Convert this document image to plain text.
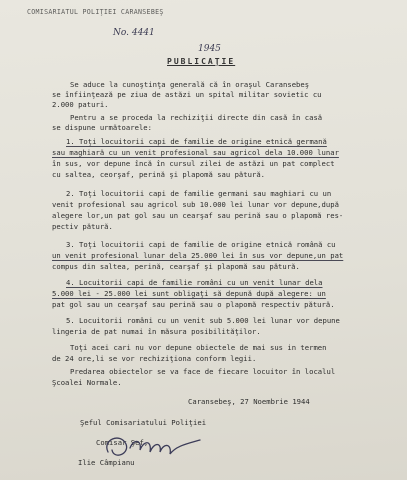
COMISARIATUL POLIŢIEI CARANSEBEŞ
No. 4441
1945
PUBLICAŢIE
Se aduce la cunoştinţa generală că în oraşul Caransebeş
se înfiinţează pe ziua de astăzi un spital militar sovietic cu
2.000 paturi.
Pentru a se proceda la rechiziţii directe din casă în casă
se dispune următoarele:
1. Toţi locuitorii capi de familie de origine etnică germană
sau maghiară cu un venit profesional sau agricol dela 10.000 lunar
în sus, vor depune încă în cursul zilei de astăzi un pat complect
cu saltea, ceorşaf, perină şi plapomă sau pătură.
2. Toţi locuitorii capi de familie germani sau maghiari cu un
venit profesional sau agricol sub 10.000 lei lunar vor depune,după
alegere lor,un pat gol sau un cearşaf sau perină sau o plapomă res-
pectiv pătură.
3. Toţi locuitorii capi de familie de origine etnică română cu
un venit profesional lunar dela 25.000 lei în sus vor depune,un pat
compus din saltea, perină, cearşaf şi plapomă sau pătură.
4. Locuitorii capi de familie români cu un venit lunar dela
5.000 lei - 25.000 lei sunt obligaţi să depună după alegere: un
pat gol sau un cearşaf sau perină sau o plapomă respectiv pătură.
5. Locuitorii români cu un venit sub 5.000 lei lunar vor depune
lingeria de pat numai în măsura posibilităţilor.
Toţi acei cari nu vor depune obiectele de mai sus in termen
de 24 ore,li se vor rechiziţiona conform legii.
Predarea obiectelor se va face de fiecare locuitor în localul
Şcoalei Normale.
Caransebeş, 27 Noembrie 1944
Şeful Comisariatului Poliţiei
Comisar Şef,
Ilie Câmpianu
